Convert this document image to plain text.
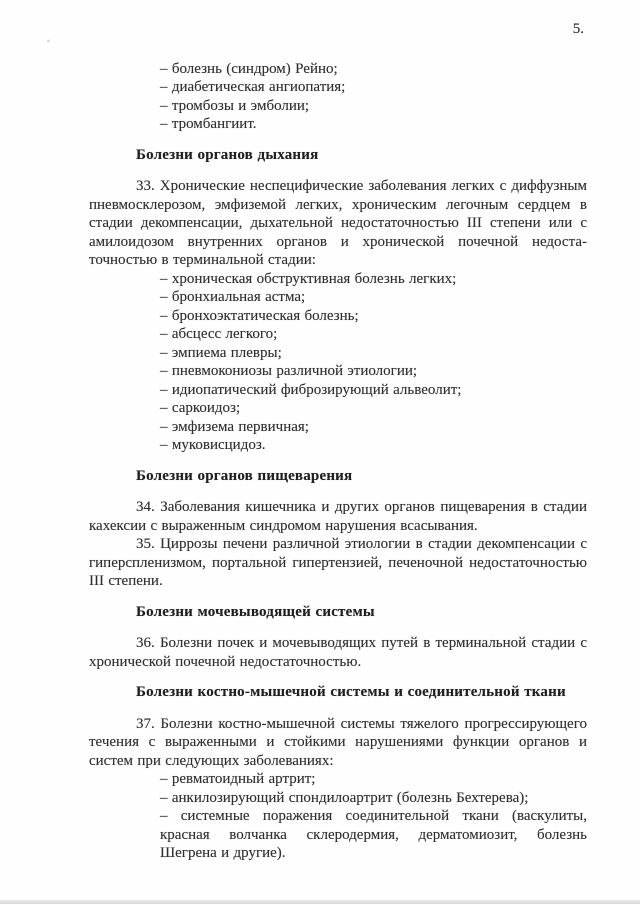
5.
– болезнь (синдром) Рейно;
– диабетическая ангиопатия;
– тромбозы и эмболии;
– тромбангиит.
Болезни органов дыхания

33. Хронические неспецифические заболевания легких с диффузным пневмосклерозом, эмфиземой легких, хроническим легочным сердцем в стадии декомпенсации, дыхательной недостаточностью III степени или с амилоидозом внутренних органов и хронической почечной недостаточностью в терминальной стадии:

– хроническая обструктивная болезнь легких;
– бронхиальная астма;
– бронхоэктатическая болезнь;
– абсцесс легкого;
– эмпиема плевры;
– пневмокониозы различной этиологии;
– идиопатический фиброзирующий альвеолит;
– саркоидоз;
– эмфизема первичная;
– муковисцидоз.
Болезни органов пищеварения

34. Заболевания кишечника и других органов пищеварения в стадии кахексии с выраженным синдромом нарушения всасывания.

35. Циррозы печени различной этиологии в стадии декомпенсации с гиперспленизмом, портальной гипертензией, печеночной недостаточностью III степени.

Болезни мочевыводящей системы

36. Болезни почек и мочевыводящих путей в терминальной стадии с хронической почечной недостаточностью.

Болезни костно-мышечной системы и соединительной ткани

37. Болезни костно-мышечной системы тяжелого прогрессирующего течения с выраженными и стойкими нарушениями функции органов и систем при следующих заболеваниях:

– ревматоидный артрит;
– анкилозирующий спондилоартрит (болезнь Бехтерева);
– системные поражения соединительной ткани (васкулиты, красная волчанка склеродермия, дерматомиозит, болезнь Шегрена и другие).
